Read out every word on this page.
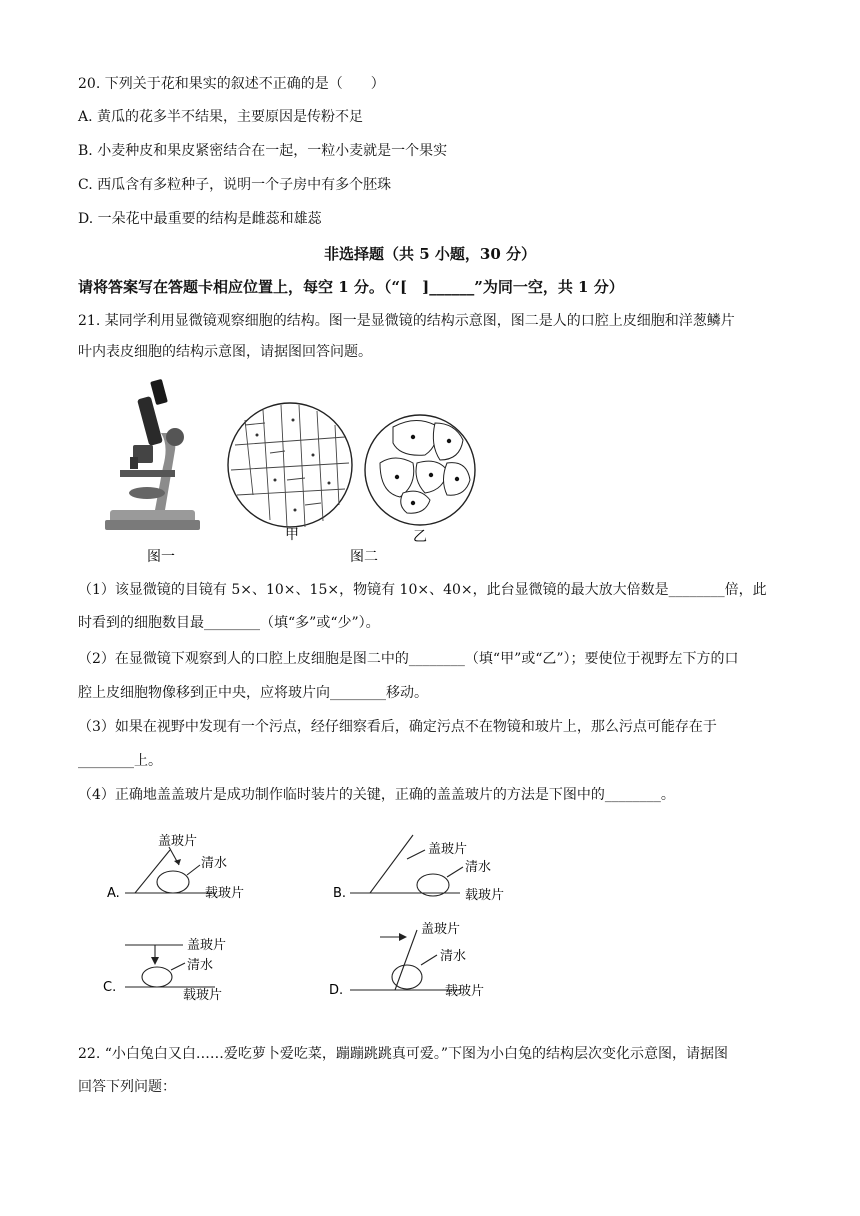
20. 下列关于花和果实的叙述不正确的是（　　）
A. 黄瓜的花多半不结果，主要原因是传粉不足
B. 小麦种皮和果皮紧密结合在一起，一粒小麦就是一个果实
C. 西瓜含有多粒种子，说明一个子房中有多个胚珠
D. 一朵花中最重要的结构是雌蕊和雄蕊
非选择题（共 5 小题，30 分）
请将答案写在答题卡相应位置上，每空 1 分。（“[　]______”为同一空，共 1 分）
21. 某同学利用显微镜观察细胞的结构。图一是显微镜的结构示意图，图二是人的口腔上皮细胞和洋葱鳞片
叶内表皮细胞的结构示意图，请据图回答问题。
甲	乙
图一	图二
（1）该显微镜的目镜有 5×、10×、15×，物镜有 10×、40×，此台显微镜的最大放大倍数是________倍，此
时看到的细胞数目最________（填“多”或“少”）。
（2）在显微镜下观察到人的口腔上皮细胞是图二中的________（填“甲”或“乙”）；要使位于视野左下方的口
腔上皮细胞物像移到正中央，应将玻片向________移动。
（3）如果在视野中发现有一个污点，经仔细察看后，确定污点不在物镜和玻片上，那么污点可能存在于
________上。
（4）正确地盖盖玻片是成功制作临时装片的关键，正确的盖盖玻片的方法是下图中的________。
A.
盖玻片
清水
载玻片	B.
盖玻片
清水
载玻片
C.
盖玻片
清水
载玻片	D.
盖玻片
清水
载玻片
22. “小白兔白又白……爱吃萝卜爱吃菜，蹦蹦跳跳真可爱。”下图为小白兔的结构层次变化示意图，请据图
回答下列问题：
